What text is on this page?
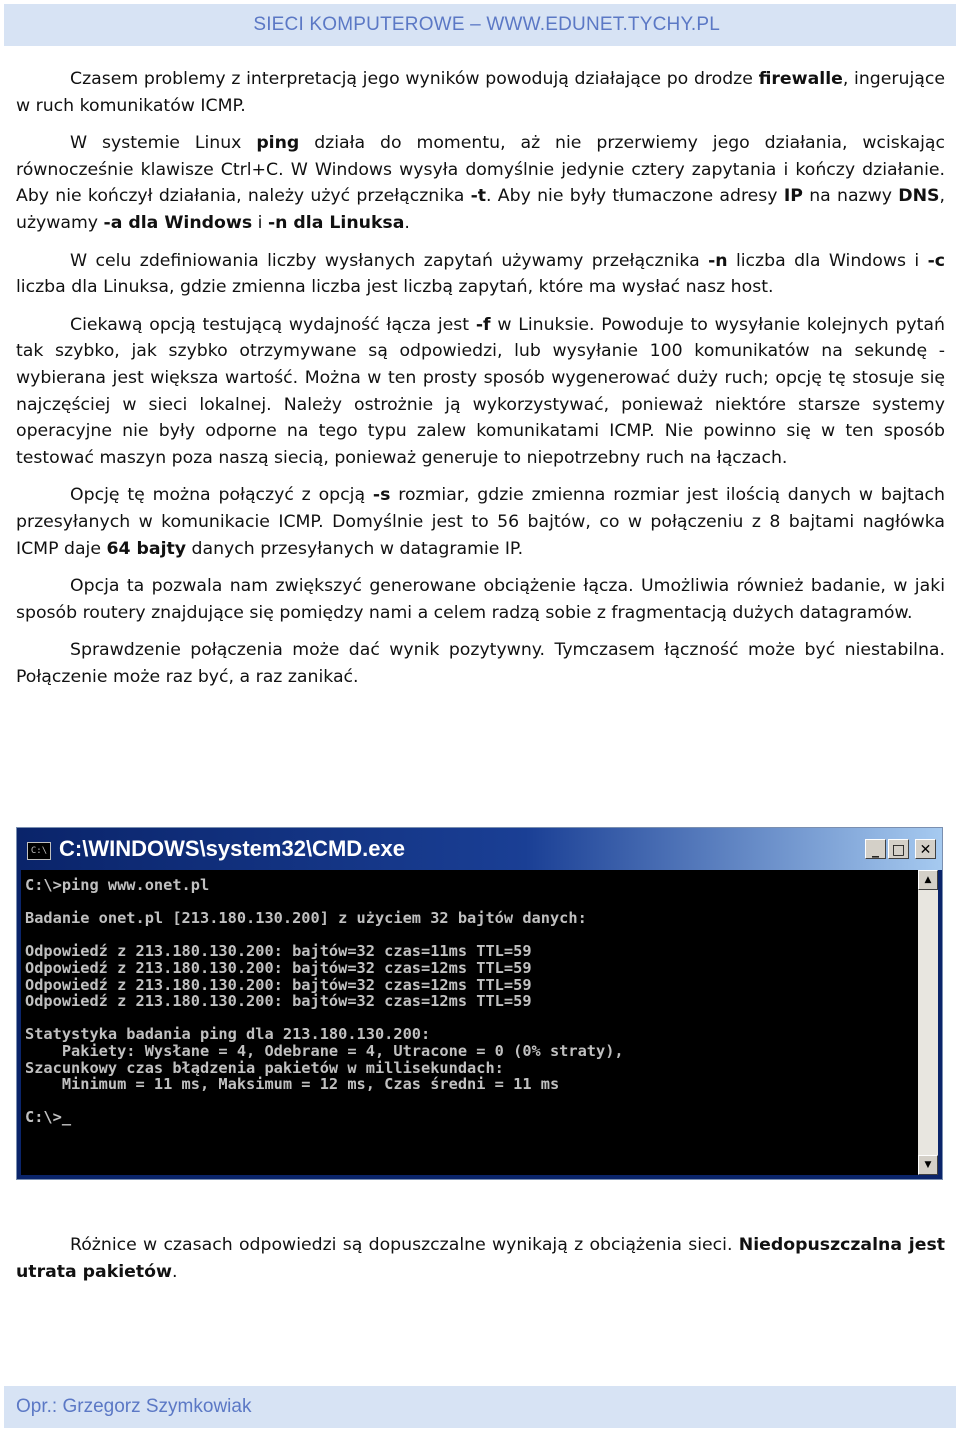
SIECI KOMPUTEROWE – WWW.EDUNET.TYCHY.PL

Czasem problemy z interpretacją jego wyników powodują działające po drodze firewalle, ingerujące w ruch komunikatów ICMP.

W systemie Linux ping działa do momentu, aż nie przerwiemy jego działania, wciskając równocześnie klawisze Ctrl+C. W Windows wysyła domyślnie jedynie cztery zapytania i kończy działanie. Aby nie kończył działania, należy użyć przełącznika -t. Aby nie były tłumaczone adresy IP na nazwy DNS, używamy -a dla Windows i -n dla Linuksa.

W celu zdefiniowania liczby wysłanych zapytań używamy przełącznika -n liczba dla Windows i -c liczba dla Linuksa, gdzie zmienna liczba jest liczbą zapytań, które ma wysłać nasz host.

Ciekawą opcją testującą wydajność łącza jest -f w Linuksie. Powoduje to wysyłanie kolejnych pytań tak szybko, jak szybko otrzymywane są odpowiedzi, lub wysyłanie 100 komunikatów na sekundę - wybierana jest większa wartość. Można w ten prosty sposób wygenerować duży ruch; opcję tę stosuje się najczęściej w sieci lokalnej. Należy ostrożnie ją wykorzystywać, ponieważ niektóre starsze systemy operacyjne nie były odporne na tego typu zalew komunikatami ICMP. Nie powinno się w ten sposób testować maszyn poza naszą siecią, ponieważ generuje to niepotrzebny ruch na łączach.

Opcję tę można połączyć z opcją -s rozmiar, gdzie zmienna rozmiar jest ilością danych w bajtach przesyłanych w komunikacie ICMP. Domyślnie jest to 56 bajtów, co w połączeniu z 8 bajtami nagłówka ICMP daje 64 bajty danych przesyłanych w datagramie IP.

Opcja ta pozwala nam zwiększyć generowane obciążenie łącza. Umożliwia również badanie, w jaki sposób routery znajdujące się pomiędzy nami a celem radzą sobie z fragmentacją dużych datagramów.

Sprawdzenie połączenia może dać wynik pozytywny. Tymczasem łączność może być niestabilna. Połączenie może raz być, a raz zanikać.

C:\ C:\WINDOWS\system32\CMD.exe	_ □ ✕
C:\>ping www.onet.pl

Badanie onet.pl [213.180.130.200] z użyciem 32 bajtów danych:

Odpowiedź z 213.180.130.200: bajtów=32 czas=11ms TTL=59
Odpowiedź z 213.180.130.200: bajtów=32 czas=12ms TTL=59
Odpowiedź z 213.180.130.200: bajtów=32 czas=12ms TTL=59
Odpowiedź z 213.180.130.200: bajtów=32 czas=12ms TTL=59

Statystyka badania ping dla 213.180.130.200:
Pakiety: Wysłane = 4, Odebrane = 4, Utracone = 0 (0% straty),
Szacunkowy czas błądzenia pakietów w millisekundach:
Minimum = 11 ms, Maksimum = 12 ms, Czas średni = 11 ms

C:\>_
▲
▼

Różnice w czasach odpowiedzi są dopuszczalne wynikają z obciążenia sieci. Niedopuszczalna jest utrata pakietów.

Opr.: Grzegorz Szymkowiak
